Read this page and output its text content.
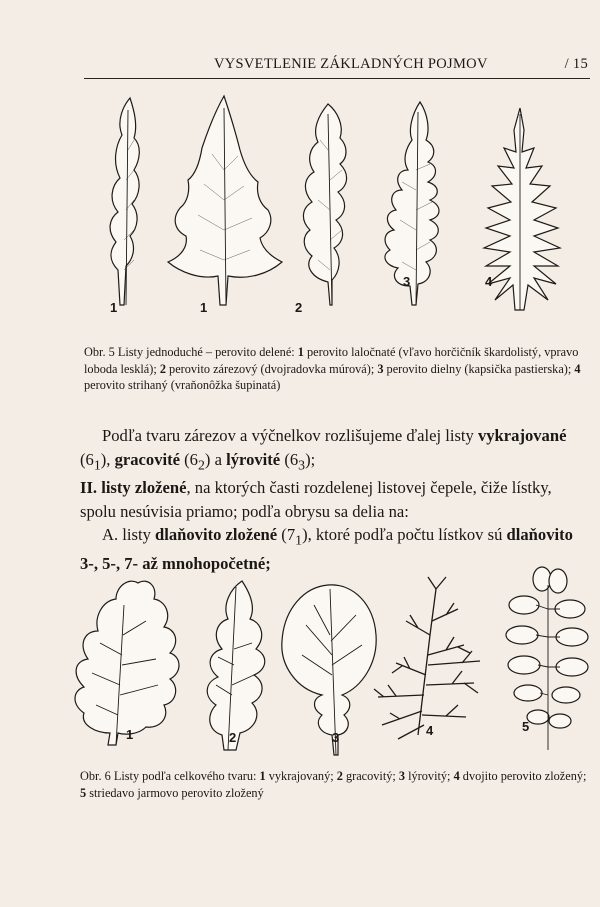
VYSVETLENIE ZÁKLADNÝCH POJMOV	/ 15
1	1	2
3	4
Obr. 5 Listy jednoduché – perovito delené: 1 perovito laločnaté (vľavo horčičník škardolistý, vpravo loboda lesklá); 2 perovito zárezový (dvojradovka múrová); 3 perovito dielny (kapsička pastierska); 4 perovito strihaný (vraňonôžka šupinatá)

Podľa tvaru zárezov a výčnelkov rozlišujeme ďalej listy vykrajované $(6_1)$, gracovité $(6_2)$ a lýrovité $(6_3)$;

II. listy zložené, na ktorých časti rozdelenej listovej čepele, čiže lístky, spolu nesúvisia priamo; podľa obrysu sa delia na:

A. listy dlaňovito zložené $(7_1)$, ktoré podľa počtu lístkov sú dlaňovito 3-, 5-, 7- až mnohopočetné;

1	2	3	4	5
Obr. 6 Listy podľa celkového tvaru: 1 vykrajovaný; 2 gracovitý; 3 lýrovitý; 4 dvojito perovito zložený; 5 striedavo jarmovo perovito zložený
